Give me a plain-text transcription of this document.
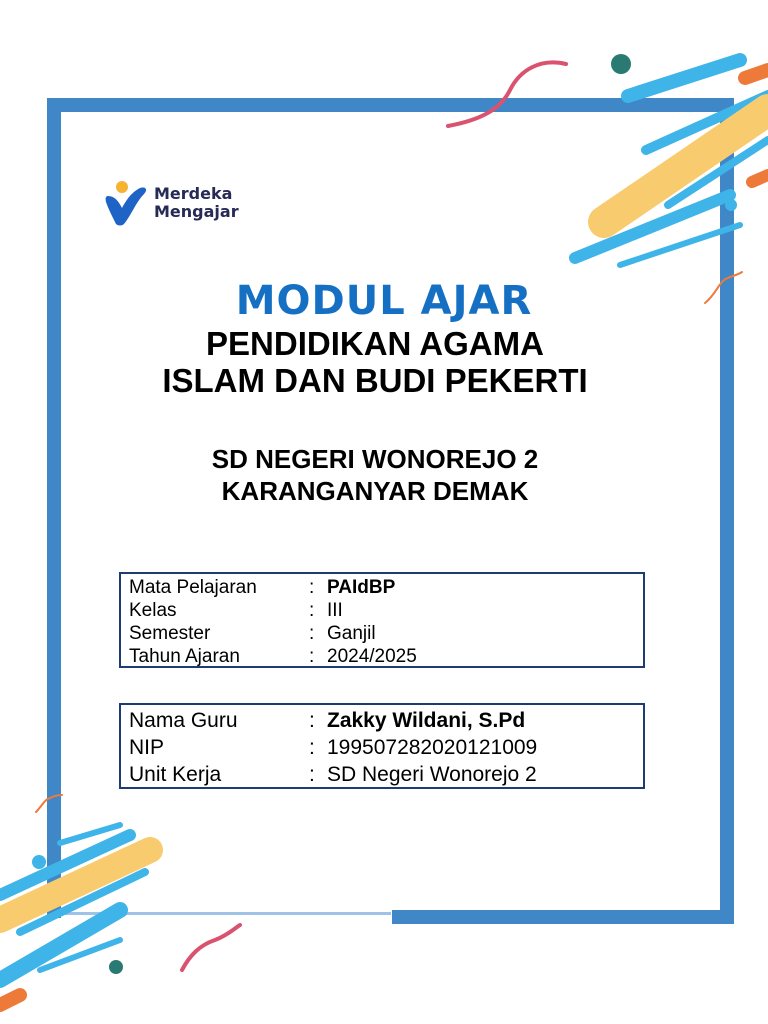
Merdeka
Mengajar
MODUL AJAR
PENDIDIKAN AGAMA
ISLAM DAN BUDI PEKERTI
SD NEGERI WONOREJO 2
KARANGANYAR DEMAK
Mata Pelajaran	: PAIdBP
Kelas	: III
Semester	: Ganjil
Tahun Ajaran	: 2024/2025
Nama Guru	: Zakky Wildani, S.Pd
NIP	: 199507282020121009
Unit Kerja	: SD Negeri Wonorejo 2
